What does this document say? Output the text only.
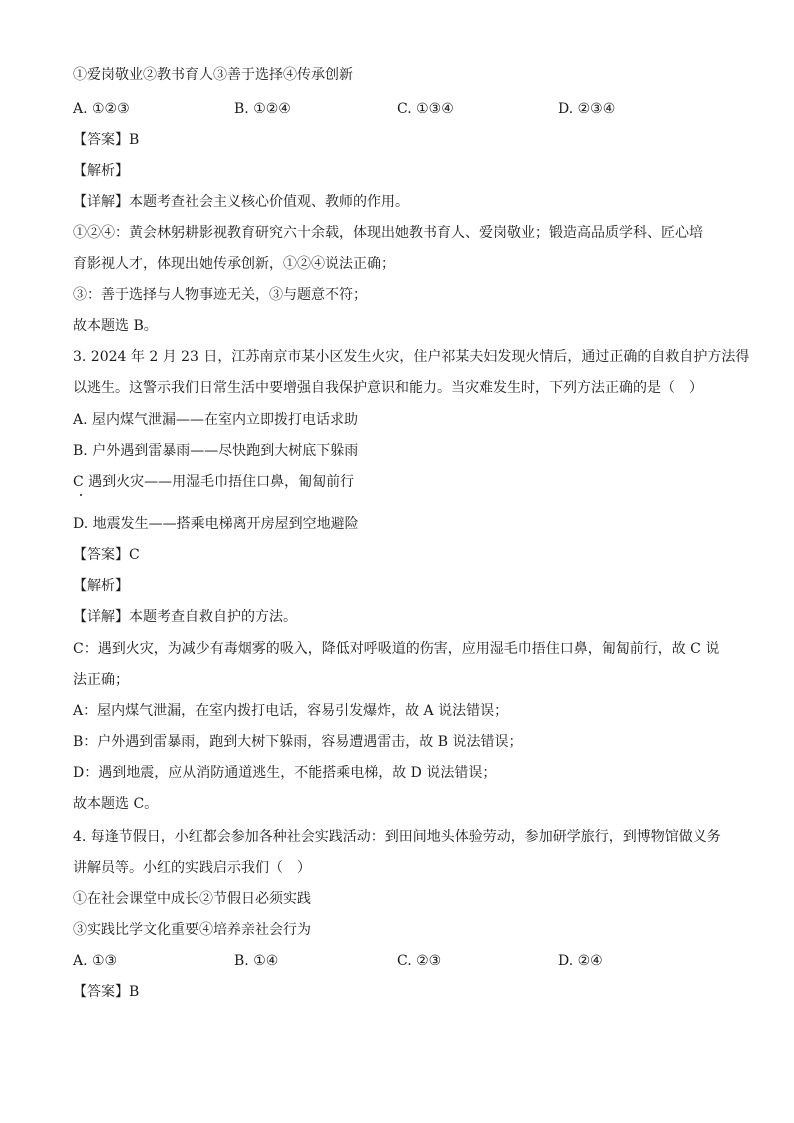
①爱岗敬业②教书育人③善于选择④传承创新
A. ①②③	B. ①②④	C. ①③④	D. ②③④
【答案】B
【解析】
【详解】本题考查社会主义核心价值观、教师的作用。
①②④：黄会林躬耕影视教育研究六十余载，体现出她教书育人、爱岗敬业；锻造高品质学科、匠心培
育影视人才，体现出她传承创新，①②④说法正确；
③：善于选择与人物事迹无关，③与题意不符；
故本题选 B。
3. 2024 年 2 月 23 日，江苏南京市某小区发生火灾，住户祁某夫妇发现火情后，通过正确的自救自护方法得
以逃生。这警示我们日常生活中要增强自我保护意识和能力。当灾难发生时，下列方法正确的是（　）
A. 屋内煤气泄漏——在室内立即拨打电话求助
B. 户外遇到雷暴雨——尽快跑到大树底下躲雨
C 遇到火灾——用湿毛巾捂住口鼻，匍匐前行
D. 地震发生——搭乘电梯离开房屋到空地避险
【答案】C
【解析】
【详解】本题考查自救自护的方法。
C：遇到火灾，为减少有毒烟雾的吸入，降低对呼吸道的伤害，应用湿毛巾捂住口鼻，匍匐前行，故 C 说
法正确；
A：屋内煤气泄漏，在室内拨打电话，容易引发爆炸，故 A 说法错误；
B：户外遇到雷暴雨，跑到大树下躲雨，容易遭遇雷击，故 B 说法错误；
D：遇到地震，应从消防通道逃生，不能搭乘电梯，故 D 说法错误；
故本题选 C。
4. 每逢节假日，小红都会参加各种社会实践活动：到田间地头体验劳动，参加研学旅行，到博物馆做义务
讲解员等。小红的实践启示我们（　）
①在社会课堂中成长②节假日必须实践
③实践比学文化重要④培养亲社会行为
A. ①③	B. ①④	C. ②③	D. ②④
【答案】B
